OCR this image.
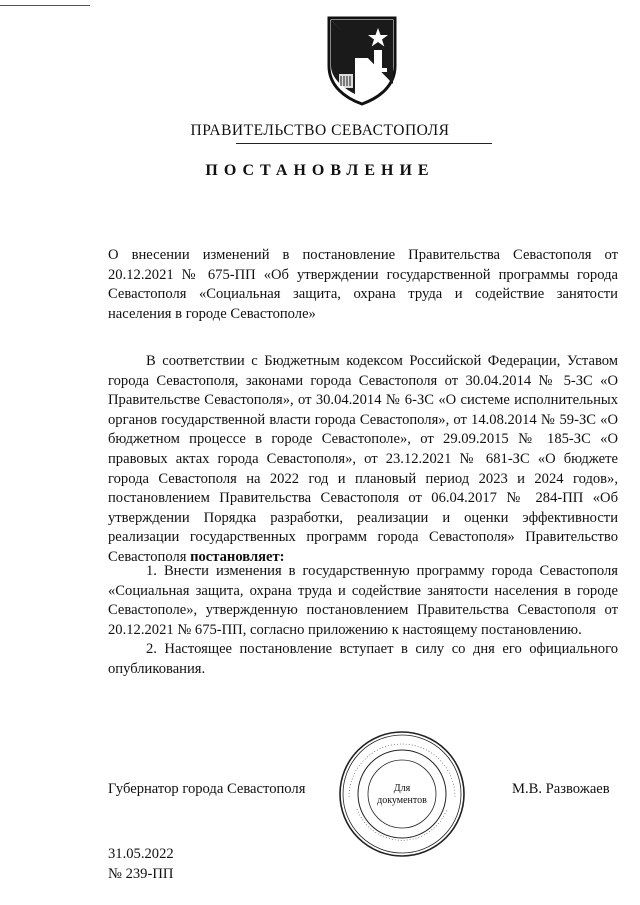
ПРАВИТЕЛЬСТВО СЕВАСТОПОЛЯ
ПОСТАНОВЛЕНИЕ

О внесении изменений в постановление Правительства Севастополя от 20.12.2021 № 675-ПП «Об утверждении государственной программы города Севастополя «Социальная защита, охрана труда и содействие занятости населения в городе Севастополе»

В соответствии с Бюджетным кодексом Российской Федерации, Уставом города Севастополя, законами города Севастополя от 30.04.2014 № 5-ЗС «О Правительстве Севастополя», от 30.04.2014 № 6-ЗС «О системе исполнительных органов государственной власти города Севастополя», от 14.08.2014 № 59-ЗС «О бюджетном процессе в городе Севастополе», от 29.09.2015 № 185-ЗС «О правовых актах города Севастополя», от 23.12.2021 № 681-ЗС «О бюджете города Севастополя на 2022 год и плановый период 2023 и 2024 годов», постановлением Правительства Севастополя от 06.04.2017 № 284-ПП «Об утверждении Порядка разработки, реализации и оценки эффективности реализации государственных программ города Севастополя» Правительство Севастополя постановляет:

1. Внести изменения в государственную программу города Севастополя «Социальная защита, охрана труда и содействие занятости населения в городе Севастополе», утвержденную постановлением Правительства Севастополя от 20.12.2021 № 675-ПП, согласно приложению к настоящему постановлению.

2. Настоящее постановление вступает в силу со дня его официального опубликования.

Губернатор города Севастополя	М.В. Развожаев
Для
документов
31.05.2022
№ 239-ПП
